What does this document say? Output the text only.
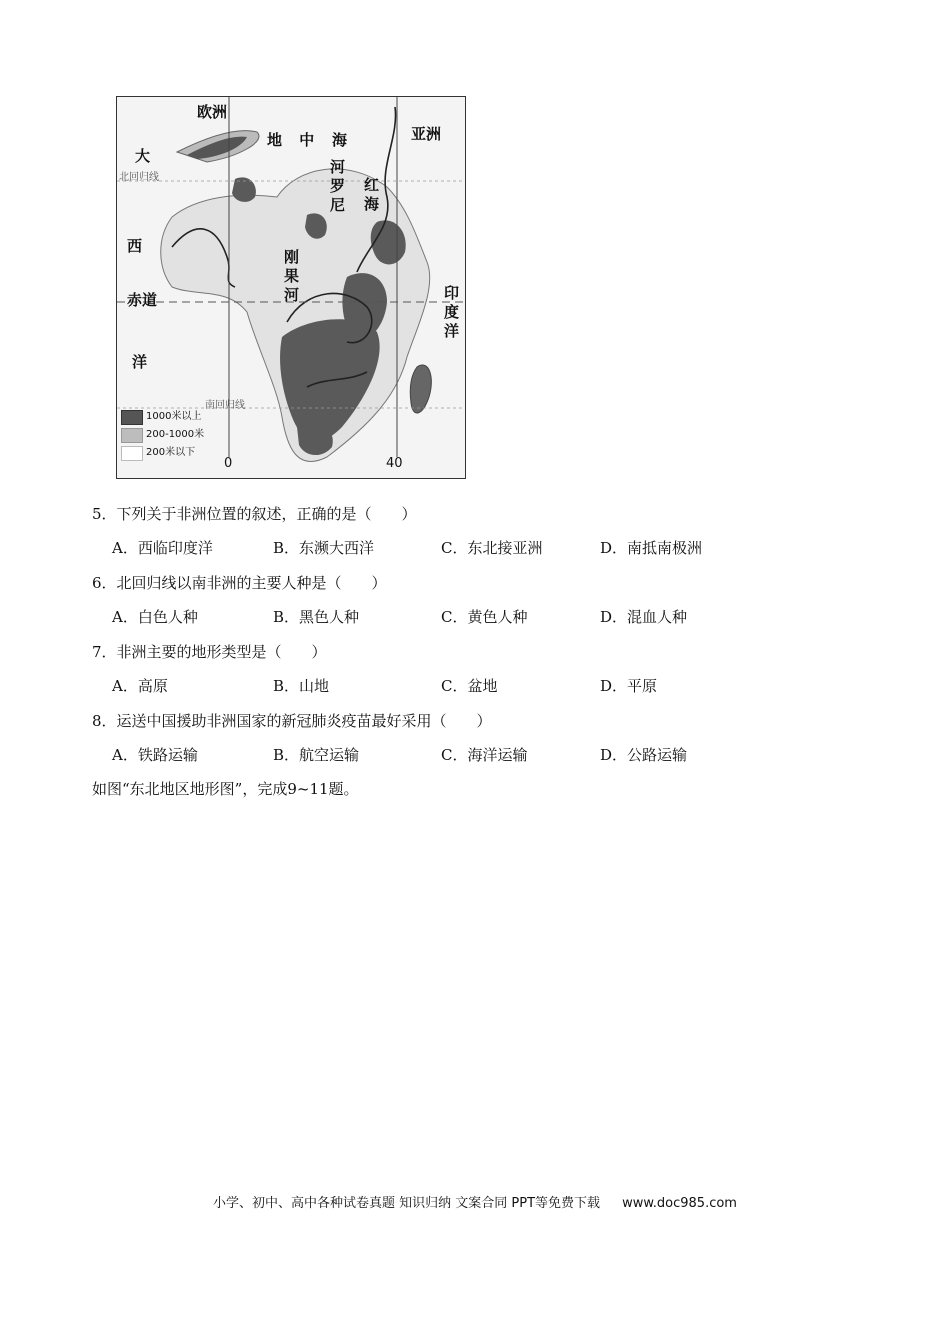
欧洲
亚洲
地 中 海
大
西
洋
赤道
北回归线
南回归线
河罗尼 红海
刚果河
印度洋
1000米以上
200-1000米
200米以下
0	40
5．下列关于非洲位置的叙述，正确的是（　　）
A．西临印度洋	B．东濒大西洋	C．东北接亚洲	D．南抵南极洲
6．北回归线以南非洲的主要人种是（　　）
A．白色人种	B．黑色人种	C．黄色人种	D．混血人种
7．非洲主要的地形类型是（　　）
A．高原	B．山地	C．盆地	D．平原
8．运送中国援助非洲国家的新冠肺炎疫苗最好采用（　　）
A．铁路运输	B．航空运输	C．海洋运输	D．公路运输
如图“东北地区地形图”，完成9~11题。
小学、初中、高中各种试卷真题 知识归纳 文案合同 PPT等免费下载 www.doc985.com
